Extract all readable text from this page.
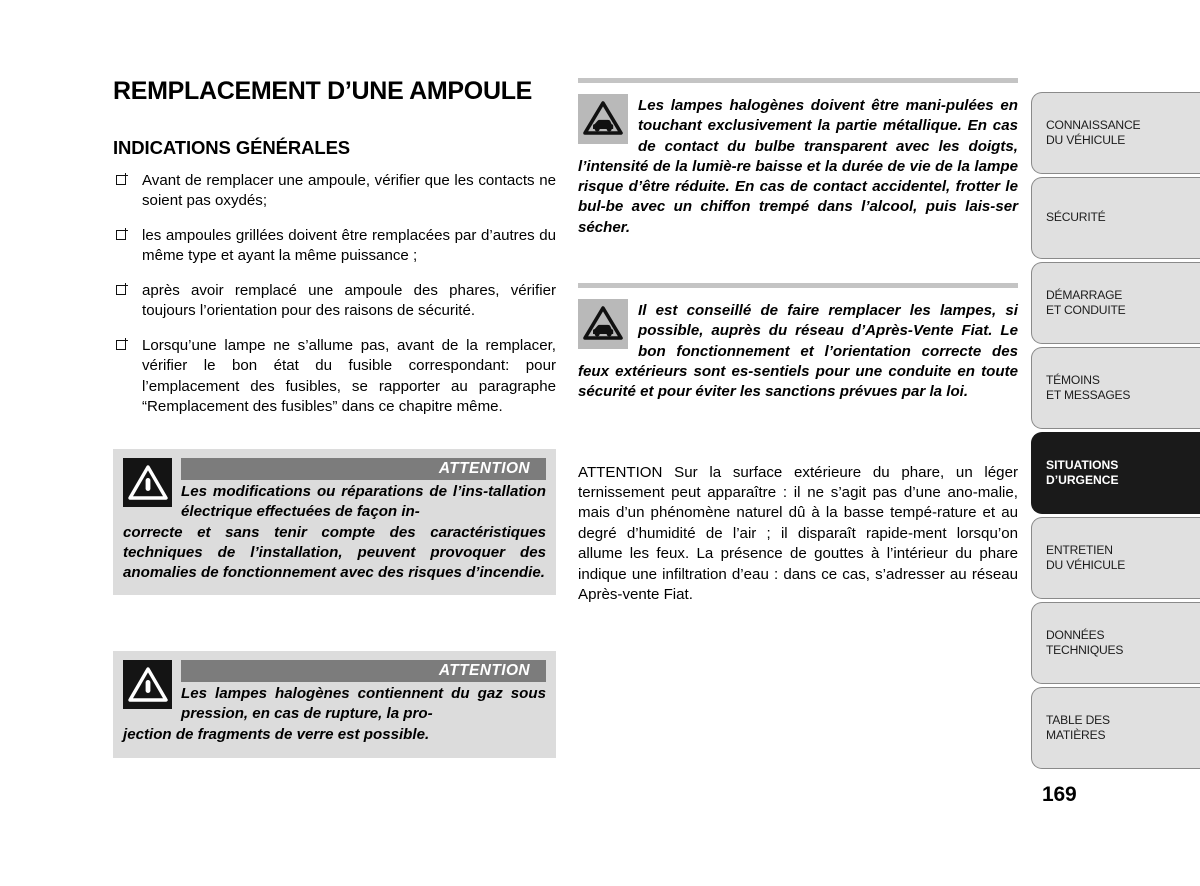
REMPLACEMENT D’UNE AMPOULE
INDICATIONS GÉNÉRALES
Avant de remplacer une ampoule, vérifier que les contacts ne soient pas oxydés;
les ampoules grillées doivent être remplacées par d’autres du même type et ayant la même puissance ;
après avoir remplacé une ampoule des phares, vérifier toujours l’orientation pour des raisons de sécurité.
Lorsqu’une lampe ne s’allume pas, avant de la remplacer, vérifier le bon état du fusible correspondant: pour l’emplacement des fusibles, se rapporter au paragraphe “Remplacement des fusibles” dans ce chapitre même.
ATTENTION

Les modifications ou réparations de l’ins-tallation électrique effectuées de façon in-

correcte et sans tenir compte des caractéristiques techniques de l’installation, peuvent provoquer des anomalies de fonctionnement avec des risques d’incendie.

ATTENTION

Les lampes halogènes contiennent du gaz sous pression, en cas de rupture, la pro-

jection de fragments de verre est possible.

Les lampes halogènes doivent être mani-pulées en touchant exclusivement la partie métallique. En cas de contact du bulbe transparent avec les doigts, l’intensité de la lumiè-re baisse et la durée de vie de la lampe risque d’être réduite. En cas de contact accidentel, frotter le bul-be avec un chiffon trempé dans l’alcool, puis lais-ser sécher.

Il est conseillé de faire remplacer les lampes, si possible, auprès du réseau d’Après-Vente Fiat. Le bon fonctionnement et l’orientation correcte des feux extérieurs sont es-sentiels pour une conduite en toute sécurité et pour éviter les sanctions prévues par la loi.

ATTENTION Sur la surface extérieure du phare, un léger ternissement peut apparaître : il ne s’agit pas d’une ano-malie, mais d’un phénomène naturel dû à la basse tempé-rature et au degré d’humidité de l’air ; il disparaît rapide-ment lorsqu’on allume les feux. La présence de gouttes à l’intérieur du phare indique une infiltration d’eau : dans ce cas, s’adresser au réseau Après-vente Fiat.

CONNAISSANCE
DU VÉHICULE
SÉCURITÉ
DÉMARRAGE
ET CONDUITE
TÉMOINS
ET MESSAGES
SITUATIONS
D’URGENCE
ENTRETIEN
DU VÉHICULE
DONNÉES
TECHNIQUES
TABLE DES
MATIÈRES
169
